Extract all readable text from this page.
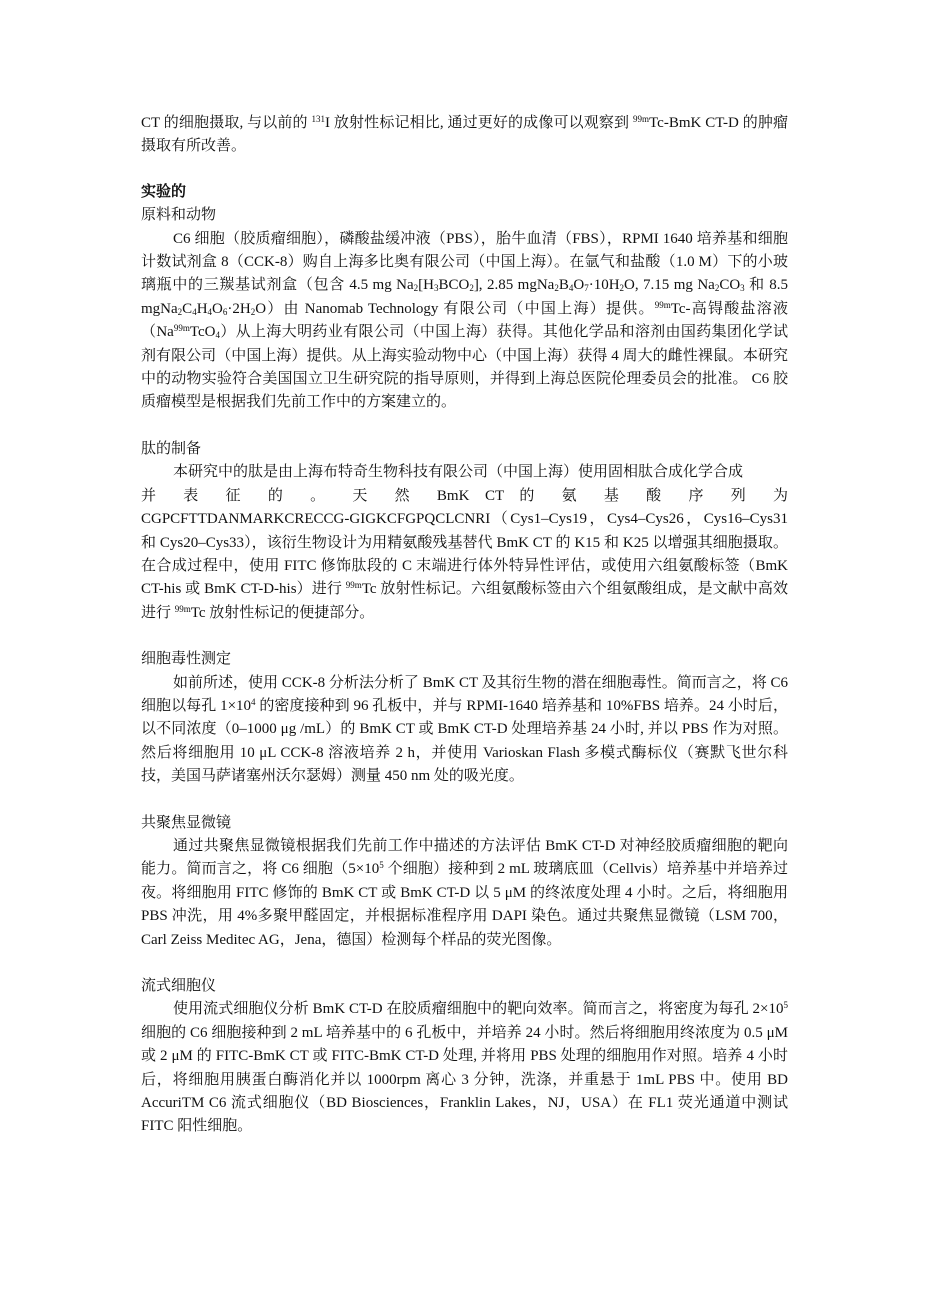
CT 的细胞摄取, 与以前的 $^{131}$I 放射性标记相比, 通过更好的成像可以观察到 $^{99m}$Tc-BmK CT-D 的肿瘤摄取有所改善。

实验的

原料和动物

C6 细胞（胶质瘤细胞），磷酸盐缓冲液（PBS），胎牛血清（FBS），RPMI 1640 培养基和细胞计数试剂盒 8（CCK-8）购自上海多比奥有限公司（中国上海）。在氩气和盐酸（1.0 M）下的小玻璃瓶中的三羰基试剂盒（包含 4.5 mg $Na_2[H_3BCO_2]$, 2.85 $mgNa_2B_4O_7\cdot 10H_2O$, 7.15 mg $Na_2CO_3$ 和 8.5 $mgNa_2C_4H_4O_6\cdot 2H_2O$）由 Nanomab Technology 有限公司（中国上海）提供。$^{99m}$Tc-高锝酸盐溶液$(Na^{99m}TcO_4)$从上海大明药业有限公司（中国上海）获得。其他化学品和溶剂由国药集团化学试剂有限公司（中国上海）提供。从上海实验动物中心（中国上海）获得 4 周大的雌性裸鼠。本研究中的动物实验符合美国国立卫生研究院的指导原则，并得到上海总医院伦理委员会的批准。 C6 胶质瘤模型是根据我们先前工作中的方案建立的。

肽的制备

本研究中的肽是由上海布特奇生物科技有限公司（中国上海）使用固相肽合成化学合成

并 表 征 的 。 天 然 BmK CT 的 氨 基 酸 序 列 为

CGPCFTTDANMARKCRECCG-GIGKCFGPQCLCNRI（Cys1–Cys19，Cys4–Cys26，Cys16–Cys31 和 Cys20–Cys33），该衍生物设计为用精氨酸残基替代 BmK CT 的 K15 和 K25 以增强其细胞摄取。在合成过程中，使用 FITC 修饰肽段的 C 末端进行体外特异性评估，或使用六组氨酸标签（BmK CT-his 或 BmK CT-D-his）进行 $^{99m}$Tc 放射性标记。六组氨酸标签由六个组氨酸组成，是文献中高效进行 $^{99m}$Tc 放射性标记的便捷部分。

细胞毒性测定

如前所述，使用 CCK-8 分析法分析了 BmK CT 及其衍生物的潜在细胞毒性。简而言之，将 C6 细胞以每孔 $1\times 10^4$ 的密度接种到 96 孔板中，并与 RPMI-1640 培养基和 10%FBS 培养。24 小时后，以不同浓度（0–1000 μg /mL）的 BmK CT 或 BmK CT-D 处理培养基 24 小时, 并以 PBS 作为对照。然后将细胞用 10 μL CCK-8 溶液培养 2 h，并使用 Varioskan Flash 多模式酶标仪（赛默飞世尔科技，美国马萨诸塞州沃尔瑟姆）测量 450 nm 处的吸光度。

共聚焦显微镜

通过共聚焦显微镜根据我们先前工作中描述的方法评估 BmK CT-D 对神经胶质瘤细胞的靶向能力。简而言之，将 C6 细胞（$5\times 10^5$ 个细胞）接种到 2 mL 玻璃底皿（Cellvis）培养基中并培养过夜。将细胞用 FITC 修饰的 BmK CT 或 BmK CT-D 以 5 μM 的终浓度处理 4 小时。之后，将细胞用 PBS 冲洗，用 4%多聚甲醛固定，并根据标准程序用 DAPI 染色。通过共聚焦显微镜（LSM 700，Carl Zeiss Meditec AG，Jena，德国）检测每个样品的荧光图像。

流式细胞仪

使用流式细胞仪分析 BmK CT-D 在胶质瘤细胞中的靶向效率。简而言之，将密度为每孔 $2\times 10^5$ 细胞的 C6 细胞接种到 2 mL 培养基中的 6 孔板中，并培养 24 小时。然后将细胞用终浓度为 0.5 μM 或 2 μM 的 FITC-BmK CT 或 FITC-BmK CT-D 处理, 并将用 PBS 处理的细胞用作对照。培养 4 小时后，将细胞用胰蛋白酶消化并以 1000rpm 离心 3 分钟，洗涤，并重悬于 1mL PBS 中。使用 BD AccuriTM C6 流式细胞仪（BD Biosciences，Franklin Lakes，NJ，USA）在 FL1 荧光通道中测试 FITC 阳性细胞。
